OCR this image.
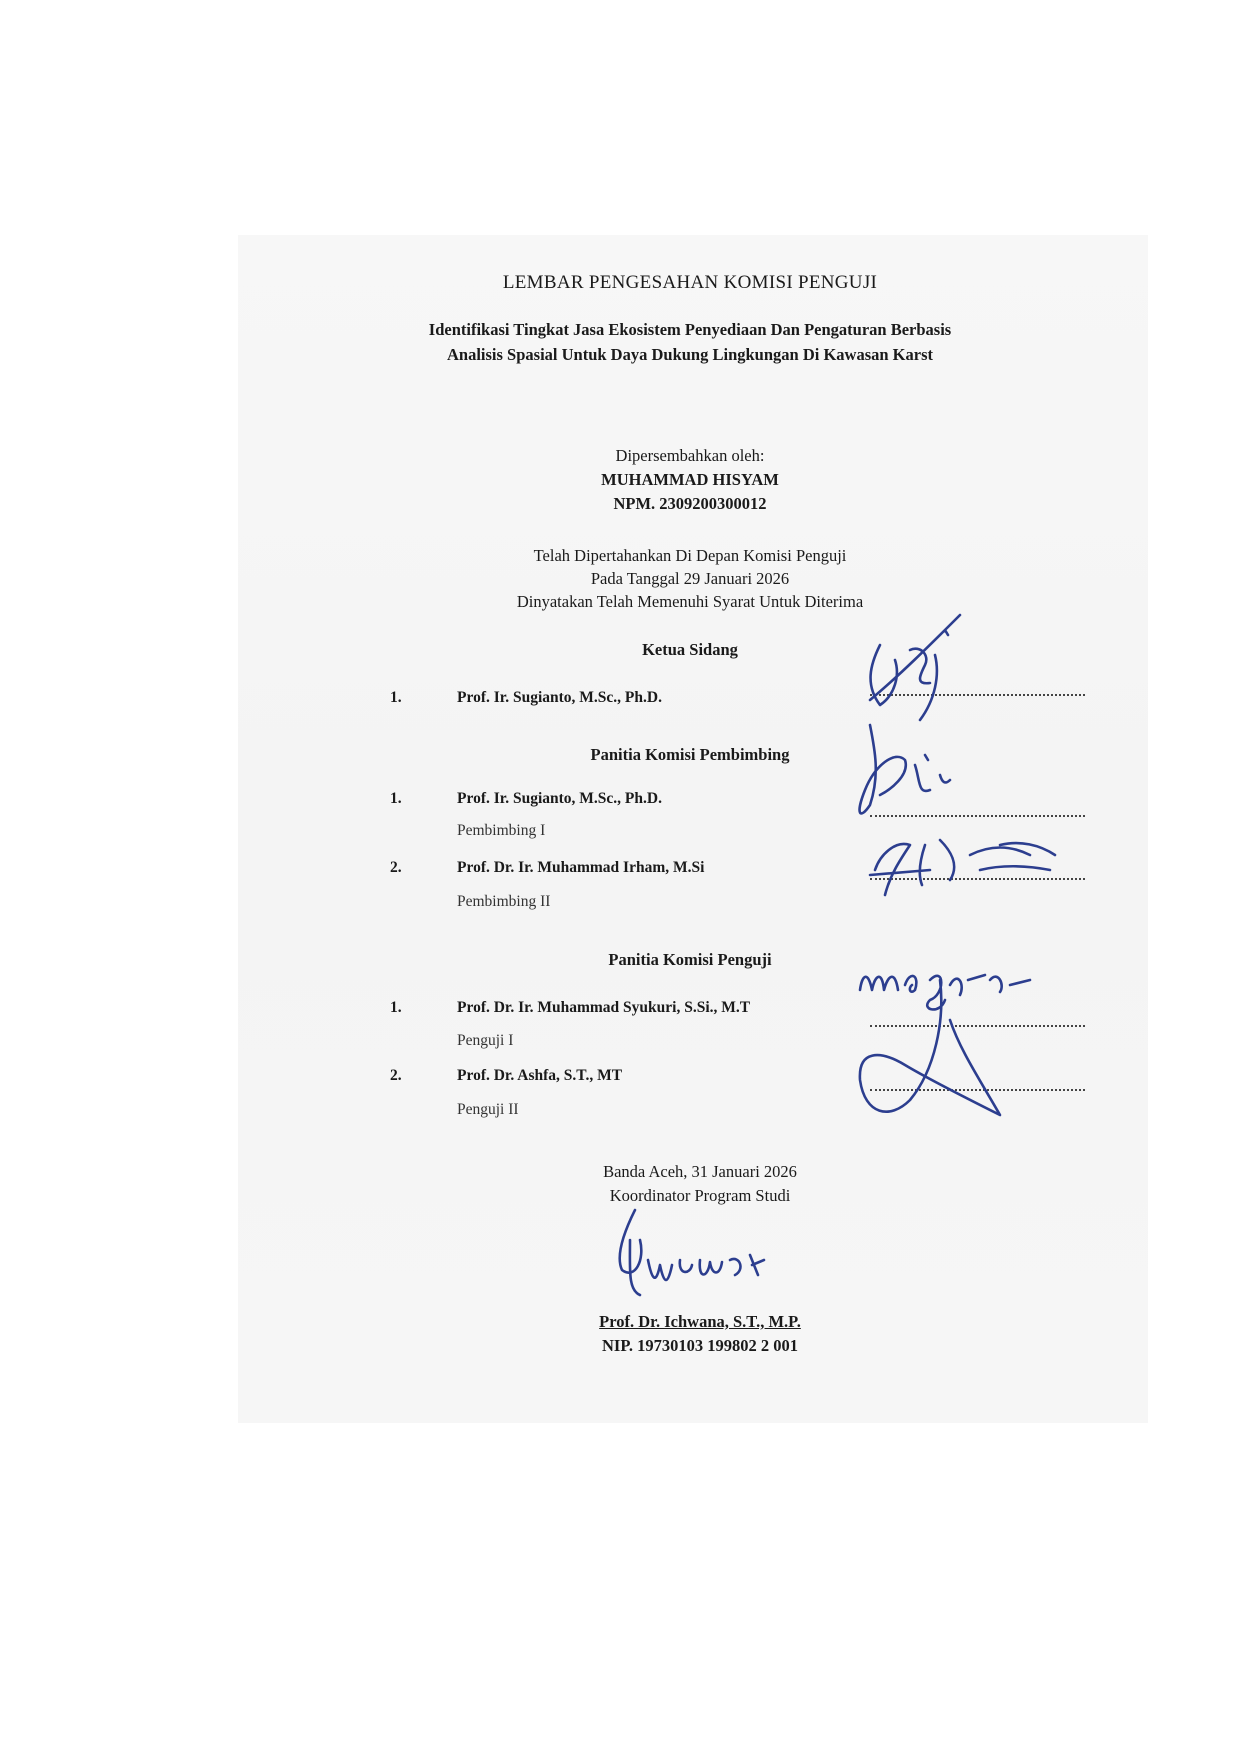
LEMBAR PENGESAHAN KOMISI PENGUJI
Identifikasi Tingkat Jasa Ekosistem Penyediaan Dan Pengaturan Berbasis
Analisis Spasial Untuk Daya Dukung Lingkungan Di Kawasan Karst
Dipersembahkan oleh:
MUHAMMAD HISYAM
NPM. 2309200300012
Telah Dipertahankan Di Depan Komisi Penguji
Pada Tanggal 29 Januari 2026
Dinyatakan Telah Memenuhi Syarat Untuk Diterima
Ketua Sidang
1.	Prof. Ir. Sugianto, M.Sc., Ph.D.
Panitia Komisi Pembimbing
1.	Prof. Ir. Sugianto, M.Sc., Ph.D.
Pembimbing I
2.	Prof. Dr. Ir. Muhammad Irham, M.Si
Pembimbing II
Panitia Komisi Penguji
1.	Prof. Dr. Ir. Muhammad Syukuri, S.Si., M.T
Penguji I
2.	Prof. Dr. Ashfa, S.T., MT
Penguji II
Banda Aceh, 31 Januari 2026
Koordinator Program Studi
Prof. Dr. Ichwana, S.T., M.P.
NIP. 19730103 199802 2 001
